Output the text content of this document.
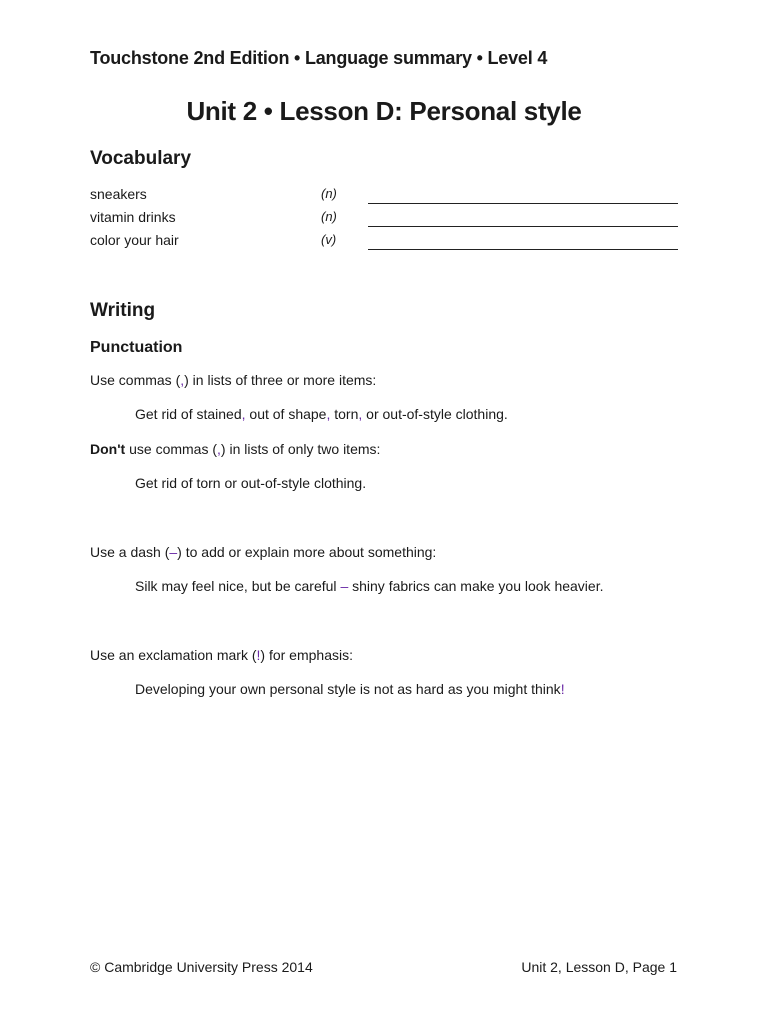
Touchstone 2nd Edition • Language summary • Level 4

Unit 2 • Lesson D: Personal style
Vocabulary
sneakers	(n)
vitamin drinks	(n)
color your hair	(v)
Writing
Punctuation

Use commas (,) in lists of three or more items:

Get rid of stained, out of shape, torn, or out-of-style clothing.

Don't use commas (,) in lists of only two items:

Get rid of torn or out-of-style clothing.

Use a dash (–) to add or explain more about something:

Silk may feel nice, but be careful – shiny fabrics can make you look heavier.

Use an exclamation mark (!) for emphasis:

Developing your own personal style is not as hard as you might think!

© Cambridge University Press 2014	Unit 2, Lesson D, Page 1
